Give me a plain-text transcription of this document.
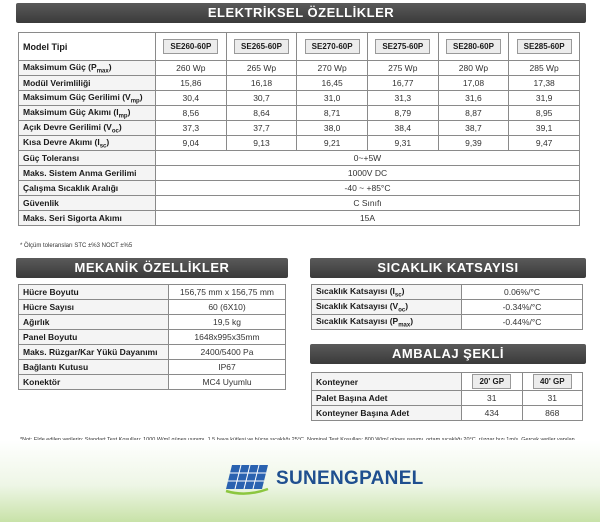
ELEKTRİKSEL ÖZELLİKLER
Model Tipi	SE260-60P	SE265-60P	SE270-60P	SE275-60P	SE280-60P	SE285-60P
Maksimum Güç $(P_{max})$	260 Wp	265 Wp	270 Wp	275 Wp	280 Wp	285 Wp
Modül Verimliliği	15,86	16,18	16,45	16,77	17,08	17,38
Maksimum Güç Gerilimi $(V_{mp})$	30,4	30,7	31,0	31,3	31,6	31,9
Maksimum Güç Akımı $(I_{mp})$	8,56	8,64	8,71	8,79	8,87	8,95
Açık Devre Gerilimi $(V_{oc})$	37,3	37,7	38,0	38,4	38,7	39,1
Kısa Devre Akımı $(I_{sc})$	9,04	9,13	9,21	9,31	9,39	9,47
Güç Toleransı	0~+5W					
Maks. Sistem Anma Gerilimi	1000V DC					
Çalışma Sıcaklık Aralığı	-40 ~ +85°C					
Güvenlik	C Sınıfı					
Maks. Seri Sigorta Akımı	15A					
* Ölçüm toleransları STC ±%3 NOCT ±%5
MEKANİK ÖZELLİKLER
Hücre Boyutu	156,75 mm x 156,75 mm
Hücre Sayısı	60 (6X10)
Ağırlık	19,5 kg
Panel Boyutu	1648x995x35mm
Maks. Rüzgar/Kar Yükü Dayanımı	2400/5400 Pa
Bağlantı Kutusu	IP67
Konektör	MC4 Uyumlu
SICAKLIK KATSAYISI
Sıcaklık Katsayısı $(I_{sc})$	0.06%/°C
Sıcaklık Katsayısı $(V_{oc})$	-0.34%/°C
Sıcaklık Katsayısı $(P_{max})$	-0.44%/°C
AMBALAJ ŞEKLİ
Konteyner	20' GP	40' GP
Palet Başına Adet	31	31
Konteyner Başına Adet	434	868
SUNENGPANEL
